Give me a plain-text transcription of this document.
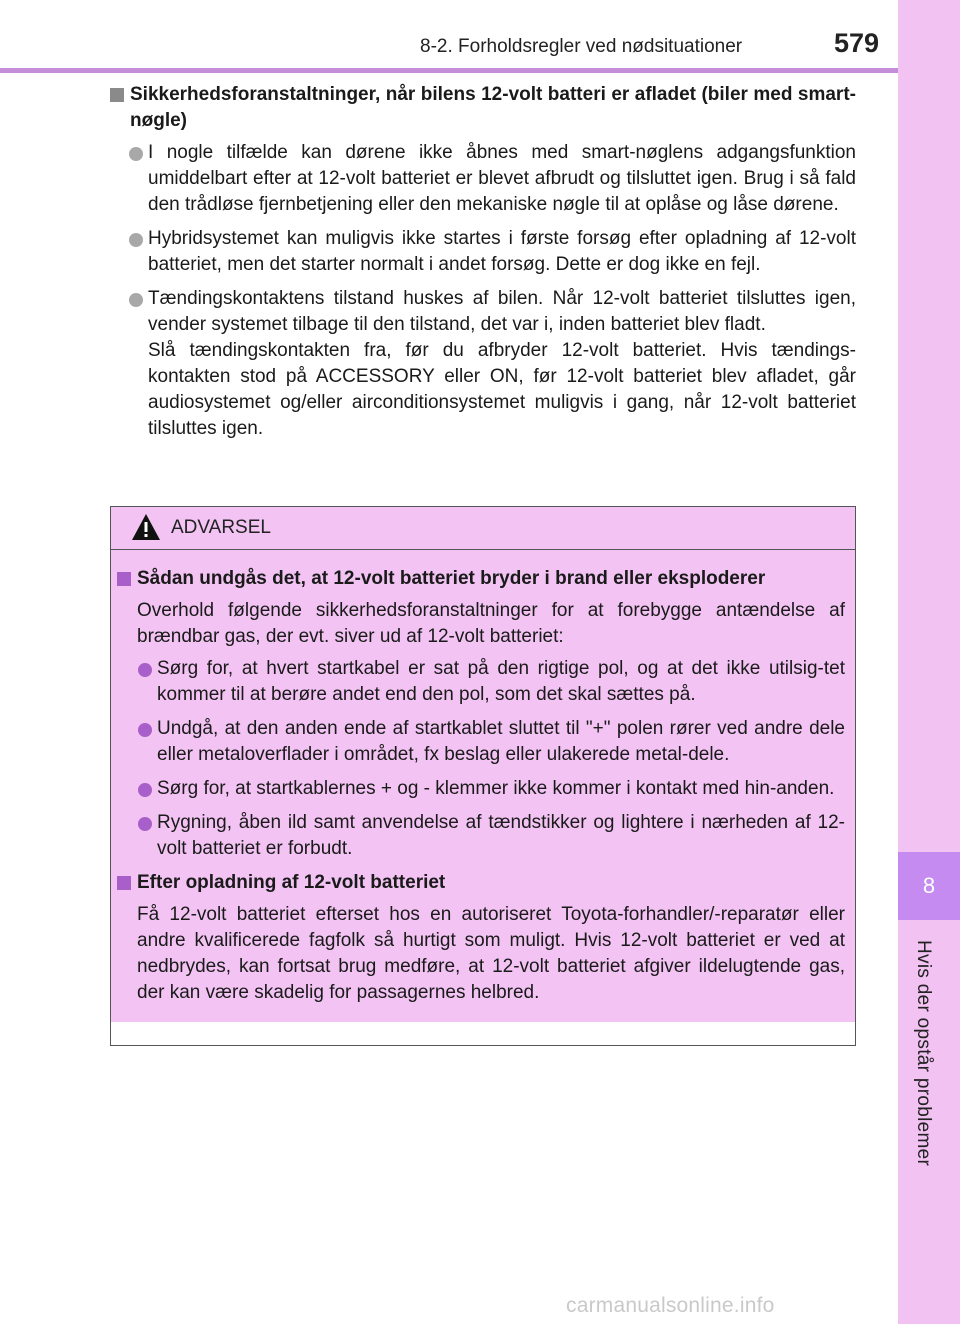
8-2. Forholdsregler ved nødsituationer	579
8
Hvis der opstår problemer
Sikkerhedsforanstaltninger, når bilens 12-volt batteri er afladet (biler med smart-nøgle)
I nogle tilfælde kan dørene ikke åbnes med smart-nøglens adgangsfunktion umiddelbart efter at 12-volt batteriet er blevet afbrudt og tilsluttet igen. Brug i så fald den trådløse fjernbetjening eller den mekaniske nøgle til at oplåse og låse dørene.
Hybridsystemet kan muligvis ikke startes i første forsøg efter opladning af 12-volt batteriet, men det starter normalt i andet forsøg. Dette er dog ikke en fejl.
Tændingskontaktens tilstand huskes af bilen. Når 12-volt batteriet tilsluttes igen, vender systemet tilbage til den tilstand, det var i, inden batteriet blev fladt.
Slå tændingskontakten fra, før du afbryder 12-volt batteriet. Hvis tændings-kontakten stod på ACCESSORY eller ON, før 12-volt batteriet blev afladet, går audiosystemet og/eller airconditionsystemet muligvis i gang, når 12-volt batteriet tilsluttes igen.
ADVARSEL
Sådan undgås det, at 12-volt batteriet bryder i brand eller eksploderer
Overhold følgende sikkerhedsforanstaltninger for at forebygge antændelse af brændbar gas, der evt. siver ud af 12-volt batteriet:
Sørg for, at hvert startkabel er sat på den rigtige pol, og at det ikke utilsig-tet kommer til at berøre andet end den pol, som det skal sættes på.
Undgå, at den anden ende af startkablet sluttet til "+" polen rører ved andre dele eller metaloverflader i området, fx beslag eller ulakerede metal-dele.
Sørg for, at startkablernes + og - klemmer ikke kommer i kontakt med hin-anden.
Rygning, åben ild samt anvendelse af tændstikker og lightere i nærheden af 12-volt batteriet er forbudt.
Efter opladning af 12-volt batteriet
Få 12-volt batteriet efterset hos en autoriseret Toyota-forhandler/-reparatør eller andre kvalificerede fagfolk så hurtigt som muligt. Hvis 12-volt batteriet er ved at nedbrydes, kan fortsat brug medføre, at 12-volt batteriet afgiver ildelugtende gas, der kan være skadelig for passagernes helbred.
carmanualsonline.info
